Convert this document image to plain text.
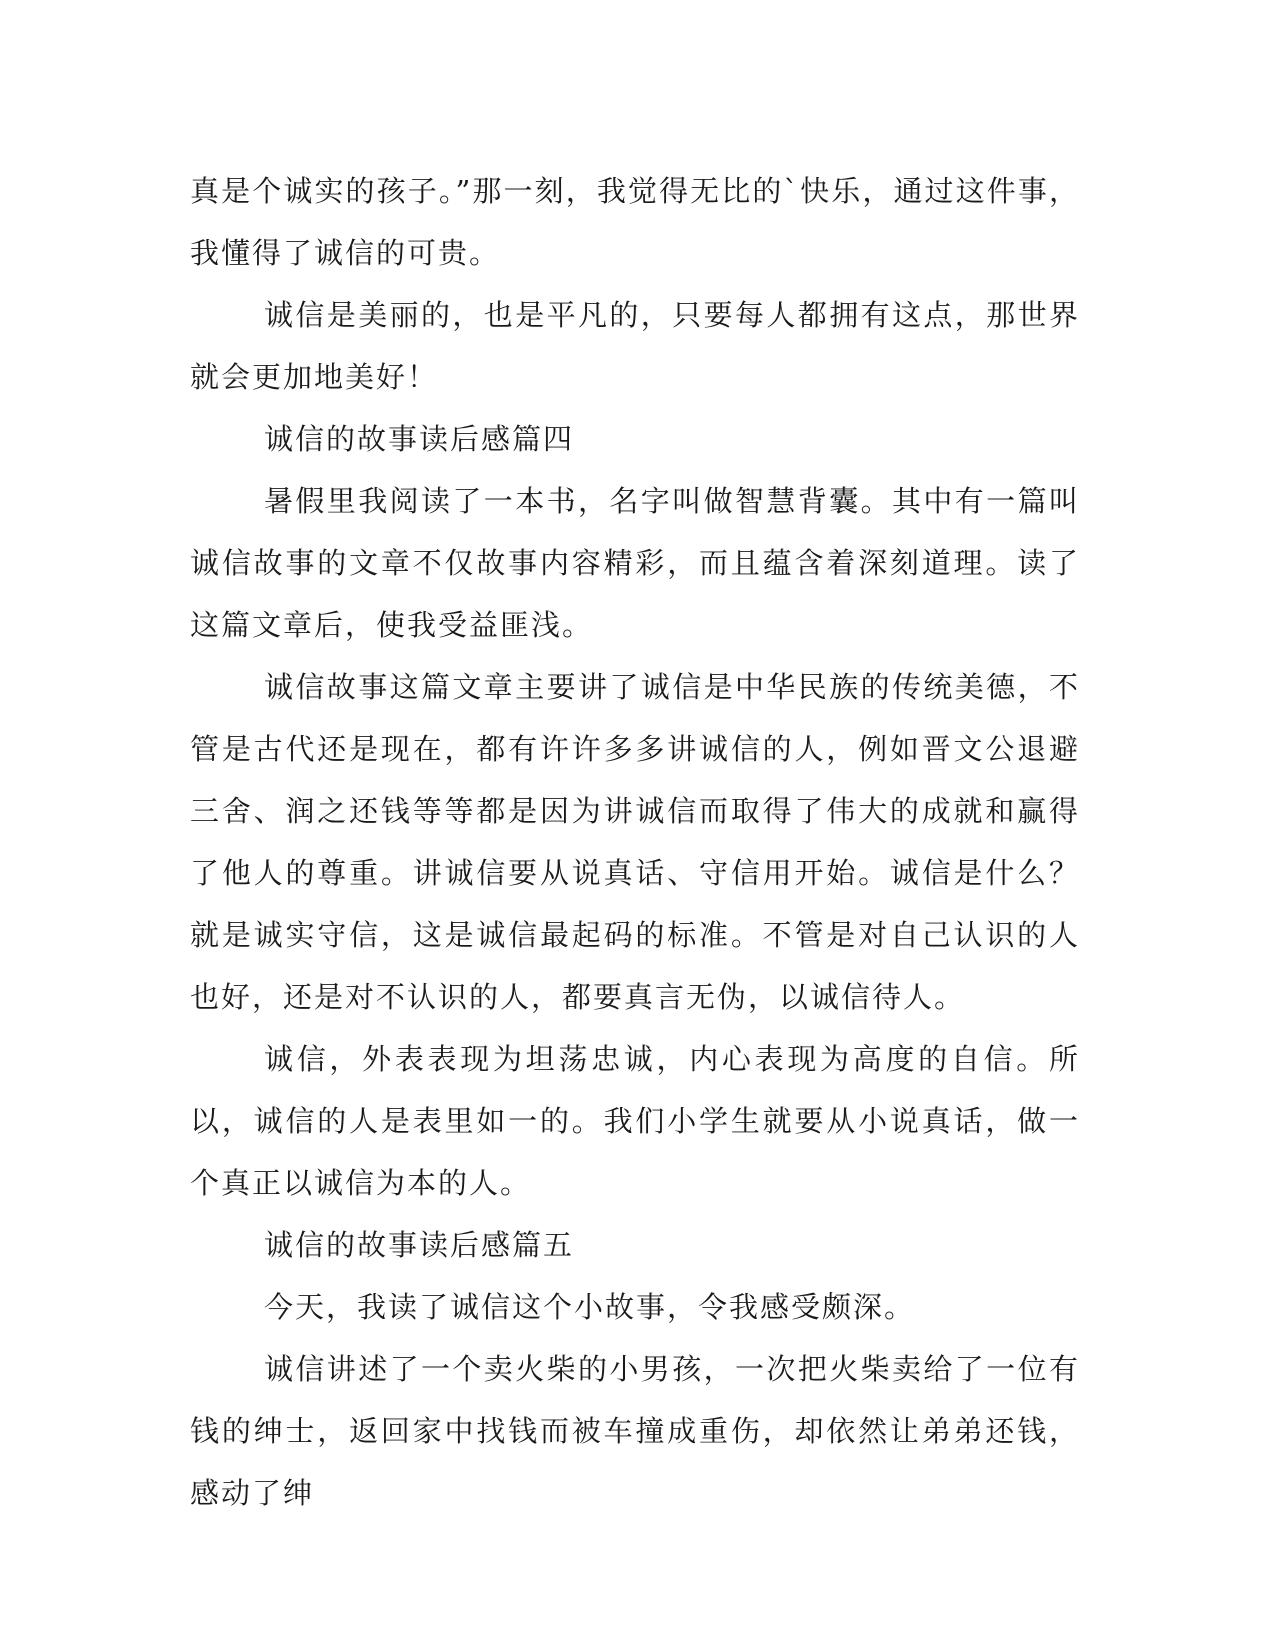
真是个诚实的孩子。”那一刻，我觉得无比的`快乐，通过这件事，我懂得了诚信的可贵。

诚信是美丽的，也是平凡的，只要每人都拥有这点，那世界就会更加地美好！

诚信的故事读后感篇四

暑假里我阅读了一本书，名字叫做智慧背囊。其中有一篇叫诚信故事的文章不仅故事内容精彩，而且蕴含着深刻道理。读了这篇文章后，使我受益匪浅。

诚信故事这篇文章主要讲了诚信是中华民族的传统美德，不管是古代还是现在，都有许许多多讲诚信的人，例如晋文公退避三舍、润之还钱等等都是因为讲诚信而取得了伟大的成就和赢得了他人的尊重。讲诚信要从说真话、守信用开始。诚信是什么？就是诚实守信，这是诚信最起码的标准。不管是对自己认识的人也好，还是对不认识的人，都要真言无伪，以诚信待人。

诚信，外表表现为坦荡忠诚，内心表现为高度的自信。所以，诚信的人是表里如一的。我们小学生就要从小说真话，做一个真正以诚信为本的人。

诚信的故事读后感篇五

今天，我读了诚信这个小故事，令我感受颇深。

诚信讲述了一个卖火柴的小男孩，一次把火柴卖给了一位有钱的绅士，返回家中找钱而被车撞成重伤，却依然让弟弟还钱，感动了绅
